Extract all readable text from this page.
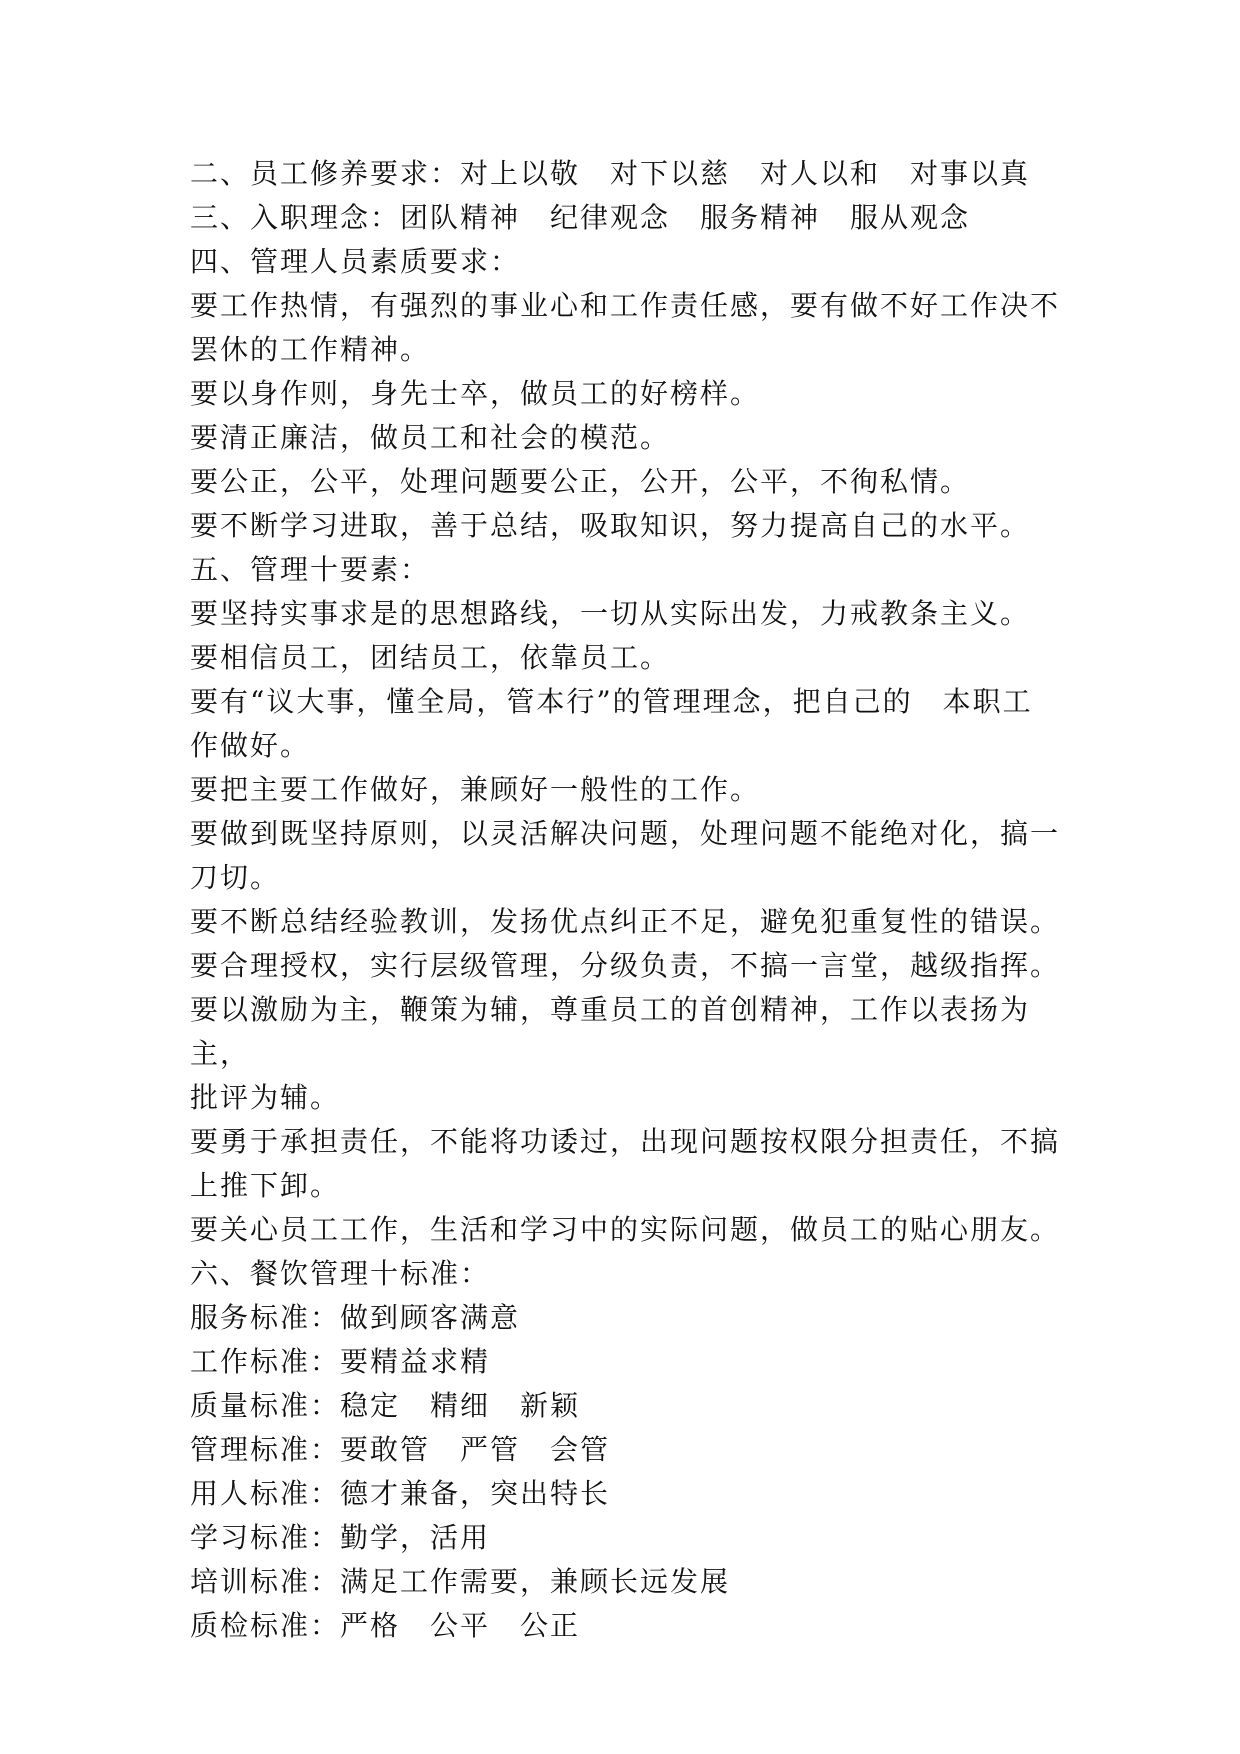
二、员工修养要求：对上以敬　对下以慈　对人以和　对事以真

三、入职理念：团队精神　纪律观念　服务精神　服从观念

四、管理人员素质要求：

要工作热情，有强烈的事业心和工作责任感，要有做不好工作决不

罢休的工作精神。

要以身作则，身先士卒，做员工的好榜样。

要清正廉洁，做员工和社会的模范。

要公正，公平，处理问题要公正，公开，公平，不徇私情。

要不断学习进取，善于总结，吸取知识，努力提高自己的水平。

五、管理十要素：

要坚持实事求是的思想路线，一切从实际出发，力戒教条主义。

要相信员工，团结员工，依靠员工。

要有“议大事，懂全局，管本行”的管理理念，把自己的　本职工

作做好。

要把主要工作做好，兼顾好一般性的工作。

要做到既坚持原则，以灵活解决问题，处理问题不能绝对化，搞一

刀切。

要不断总结经验教训，发扬优点纠正不足，避免犯重复性的错误。

要合理授权，实行层级管理，分级负责，不搞一言堂，越级指挥。

要以激励为主，鞭策为辅，尊重员工的首创精神，工作以表扬为主，

批评为辅。

要勇于承担责任，不能将功诿过，出现问题按权限分担责任，不搞

上推下卸。

要关心员工工作，生活和学习中的实际问题，做员工的贴心朋友。

六、餐饮管理十标准：

服务标准：做到顾客满意

工作标准：要精益求精

质量标准：稳定　精细　新颖

管理标准：要敢管　严管　会管

用人标准：德才兼备，突出特长

学习标准：勤学，活用

培训标准：满足工作需要，兼顾长远发展

质检标准：严格　公平　公正
